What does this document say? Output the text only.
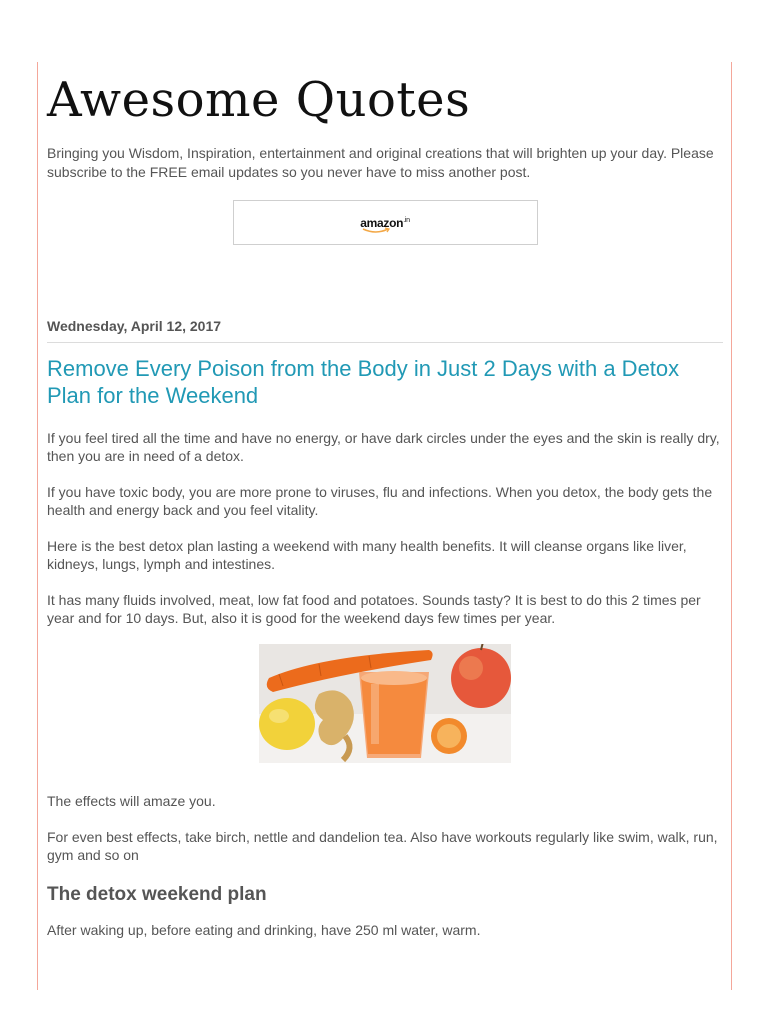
Awesome Quotes

Bringing you Wisdom, Inspiration, entertainment and original creations that will brighten up your day. Please subscribe to the FREE email updates so you never have to miss another post.

amazon$^{.in}$
Wednesday, April 12, 2017
Remove Every Poison from the Body in Just 2 Days with a Detox Plan for the Weekend

If you feel tired all the time and have no energy, or have dark circles under the eyes and the skin is really dry, then you are in need of a detox.

If you have toxic body, you are more prone to viruses, flu and infections. When you detox, the body gets the health and energy back and you feel vitality.

Here is the best detox plan lasting a weekend with many health benefits. It will cleanse organs like liver, kidneys, lungs, lymph and intestines.

It has many fluids involved, meat, low fat food and potatoes. Sounds tasty? It is best to do this 2 times per year and for 10 days. But, also it is good for the weekend days few times per year.

The effects will amaze you.

For even best effects, take birch, nettle and dandelion tea. Also have workouts regularly like swim, walk, run, gym and so on

The detox weekend plan

After waking up, before eating and drinking, have 250 ml water, warm.
